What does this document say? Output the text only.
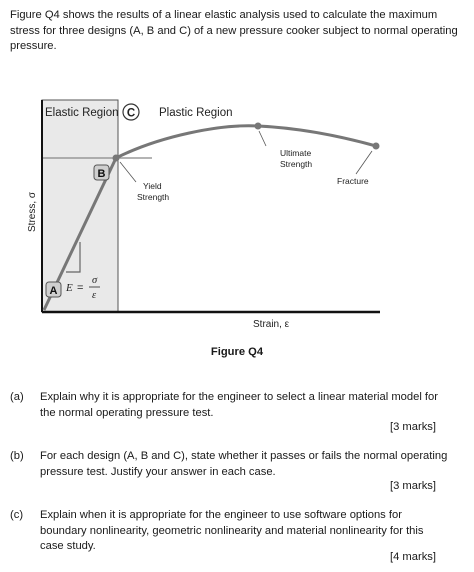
Figure Q4 shows the results of a linear elastic analysis used to calculate the maximum stress for three designs (A, B and C) of a new pressure cooker subject to normal operating pressure.
Elastic Region C Plastic Region
B
A E =
σ
ε
Yield
Strength
Ultimate
Strength
Fracture
Stress, σ
Strain, ε
Figure Q4
(a) Explain why it is appropriate for the engineer to select a linear material model for the normal operating pressure test.
[3 marks]
(b) For each design (A, B and C), state whether it passes or fails the normal operating pressure test. Justify your answer in each case.
[3 marks]
(c) Explain when it is appropriate for the engineer to use software options for boundary nonlinearity, geometric nonlinearity and material nonlinearity for this case study.
[4 marks]
